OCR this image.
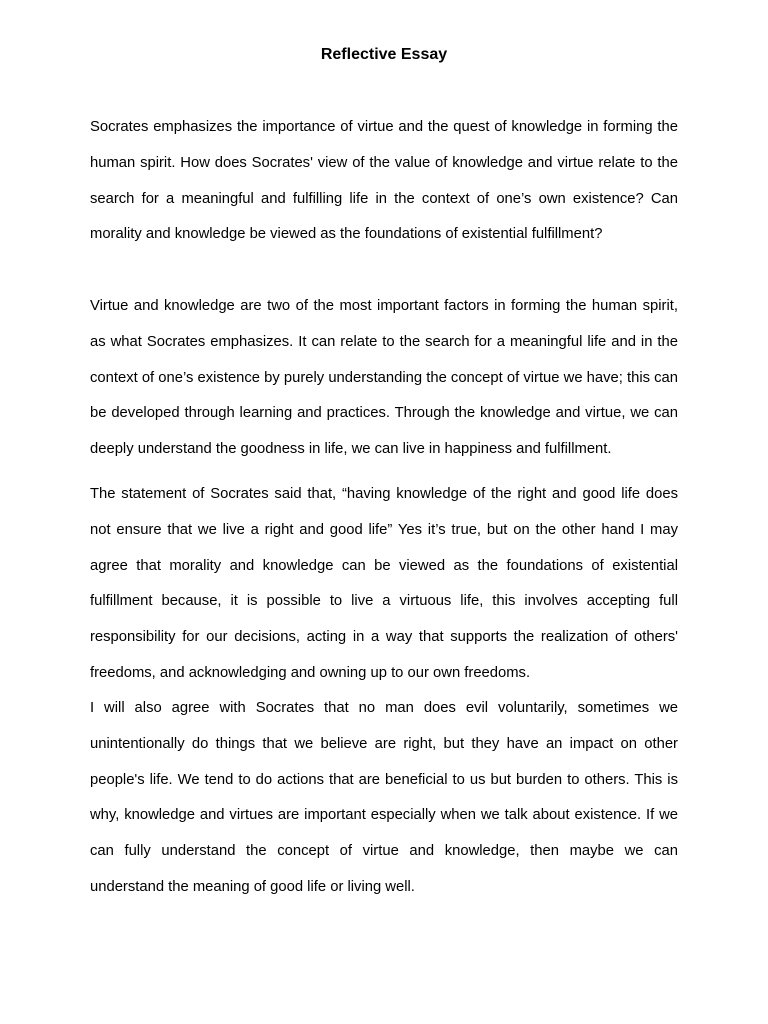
Reflective Essay

Socrates emphasizes the importance of virtue and the quest of knowledge in forming the human spirit. How does Socrates' view of the value of knowledge and virtue relate to the search for a meaningful and fulfilling life in the context of one’s own existence? Can morality and knowledge be viewed as the foundations of existential fulfillment?

Virtue and knowledge are two of the most important factors in forming the human spirit, as what Socrates emphasizes. It can relate to the search for a meaningful life and in the context of one’s existence by purely understanding the concept of virtue we have; this can be developed through learning and practices. Through the knowledge and virtue, we can deeply understand the goodness in life, we can live in happiness and fulfillment.

The statement of Socrates said that, “having knowledge of the right and good life does not ensure that we live a right and good life” Yes it’s true, but on the other hand I may agree that morality and knowledge can be viewed as the foundations of existential fulfillment because, it is possible to live a virtuous life, this involves accepting full responsibility for our decisions, acting in a way that supports the realization of others' freedoms, and acknowledging and owning up to our own freedoms.

I will also agree with Socrates that no man does evil voluntarily, sometimes we unintentionally do things that we believe are right, but they have an impact on other people's life. We tend to do actions that are beneficial to us but burden to others. This is why, knowledge and virtues are important especially when we talk about existence. If we can fully understand the concept of virtue and knowledge, then maybe we can understand the meaning of good life or living well.
